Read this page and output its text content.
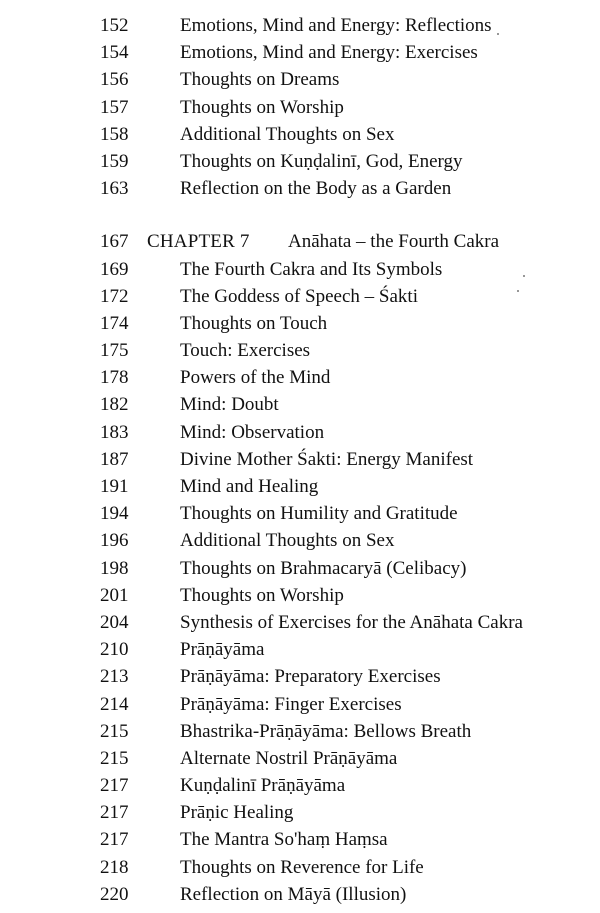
152	Emotions, Mind and Energy: Reflections
154	Emotions, Mind and Energy: Exercises
156	Thoughts on Dreams
157	Thoughts on Worship
158	Additional Thoughts on Sex
159	Thoughts on Kuṇḍalinī, God, Energy
163	Reflection on the Body as a Garden
167 CHAPTER 7 Anāhata – the Fourth Cakra
169	The Fourth Cakra and Its Symbols
172	The Goddess of Speech – Śakti
174	Thoughts on Touch
175	Touch: Exercises
178	Powers of the Mind
182	Mind: Doubt
183	Mind: Observation
187	Divine Mother Śakti: Energy Manifest
191	Mind and Healing
194	Thoughts on Humility and Gratitude
196	Additional Thoughts on Sex
198	Thoughts on Brahmacaryā (Celibacy)
201	Thoughts on Worship
204	Synthesis of Exercises for the Anāhata Cakra
210	Prāṇāyāma
213	Prāṇāyāma: Preparatory Exercises
214	Prāṇāyāma: Finger Exercises
215	Bhastrika-Prāṇāyāma: Bellows Breath
215	Alternate Nostril Prāṇāyāma
217	Kuṇḍalinī Prāṇāyāma
217	Prāṇic Healing
217	The Mantra So'haṃ Haṃsa
218	Thoughts on Reverence for Life
220	Reflection on Māyā (Illusion)
